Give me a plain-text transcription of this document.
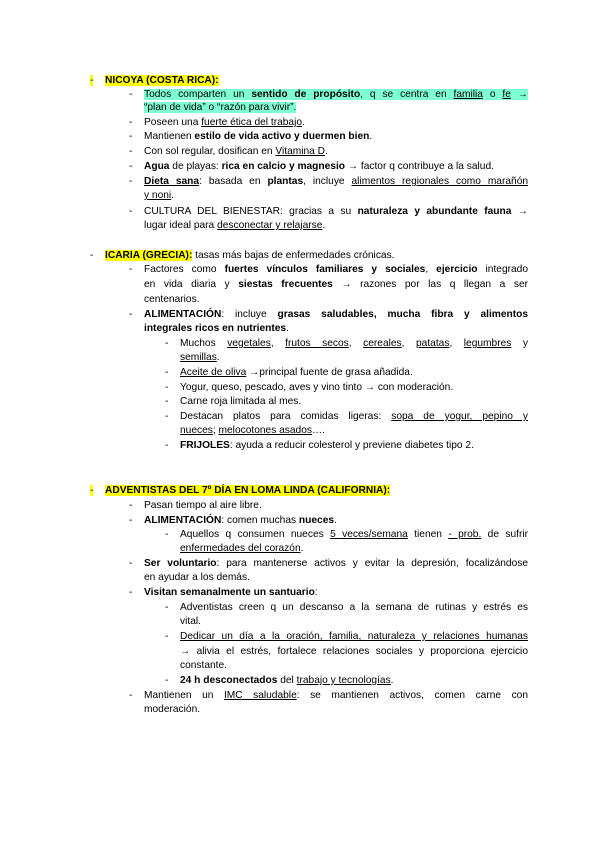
- NICOYA (COSTA RICA):
- Todos comparten un sentido de propósito, q se centra en familia o fe →
“plan de vida” o “razón para vivir”.
- Poseen una fuerte ética del trabajo.
- Mantienen estilo de vida activo y duermen bien.
- Con sol regular, dosifican en Vitamina D.
- Agua de playas: rica en calcio y magnesio → factor q contribuye a la salud.
- Dieta sana: basada en plantas, incluye alimentos regionales como marañón
y noni.
- CULTURA DEL BIENESTAR: gracias a su naturaleza y abundante fauna →
lugar ideal para desconectar y relajarse.
- ICARIA (GRECIA): tasas más bajas de enfermedades crónicas.
- Factores como fuertes vínculos familiares y sociales, ejercicio integrado
en vida diaria y siestas frecuentes → razones por las q llegan a ser
centenarios.
- ALIMENTACIÓN: incluye grasas saludables, mucha fibra y alimentos
integrales ricos en nutrientes.
- Muchos vegetales, frutos secos, cereales, patatas, legumbres y
semillas.
- Aceite de oliva →principal fuente de grasa añadida.
- Yogur, queso, pescado, aves y vino tinto → con moderación.
- Carne roja limitada al mes.
- Destacan platos para comidas ligeras: sopa de yogur, pepino y
nueces; melocotones asados….
- FRIJOLES: ayuda a reducir colesterol y previene diabetes tipo 2.
- ADVENTISTAS DEL 7º DÍA EN LOMA LINDA (CALIFORNIA):
- Pasan tiempo al aire libre.
- ALIMENTACIÓN: comen muchas nueces.
- Aquellos q consumen nueces 5 veces/semana tienen - prob. de sufrir
enfermedades del corazón.
- Ser voluntario: para mantenerse activos y evitar la depresión, focalizándose
en ayudar a los demás.
- Visitan semanalmente un santuario:
- Adventistas creen q un descanso a la semana de rutinas y estrés es
vital.
- Dedicar un día a la oración, familia, naturaleza y relaciones humanas
→ alivia el estrés, fortalece relaciones sociales y proporciona ejercicio
constante.
- 24 h desconectados del trabajo y tecnologías.
- Mantienen un IMC saludable: se mantienen activos, comen carne con
moderación.
